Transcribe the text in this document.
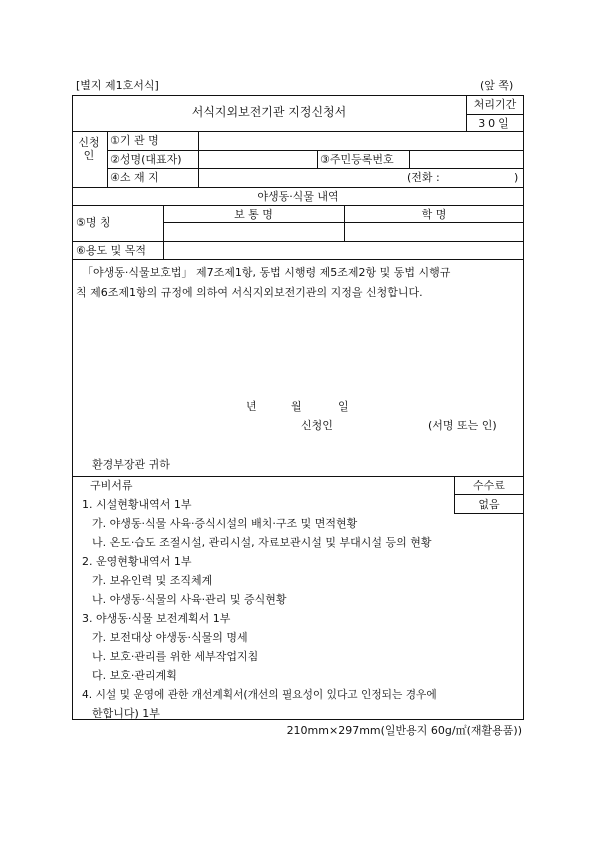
[별지 제1호서식]	(앞 쪽)
서식지외보전기관 지정신청서
처리기간
30일
신청인
①기 관 명
②성명(대표자)	③주민등록번호
④소 재 지	(전화 :	)
야생동·식물 내역
⑤명 칭
보 통 명	학 명
⑥용도 및 목적
「야생동·식물보호법」 제7조제1항, 동법 시행령 제5조제2항 및 동법 시행규
칙 제6조제1항의 규정에 의하여 서식지외보전기관의 지정을 신청합니다.
년	월	일
신청인	(서명 또는 인)
환경부장관 귀하
구비서류	수수료
없음
1. 시설현황내역서 1부
가. 야생동·식물 사육·증식시설의 배치·구조 및 면적현황
나. 온도·습도 조절시설, 관리시설, 자료보관시설 및 부대시설 등의 현황
2. 운영현황내역서 1부
가. 보유인력 및 조직체계
나. 야생동·식물의 사육·관리 및 증식현황
3. 야생동·식물 보전계획서 1부
가. 보전대상 야생동·식물의 명세
나. 보호·관리를 위한 세부작업지침
다. 보호·관리계획
4. 시설 및 운영에 관한 개선계획서(개선의 필요성이 있다고 인정되는 경우에
한합니다) 1부
210mm×297mm(일반용지 60g/㎡(재활용품))
